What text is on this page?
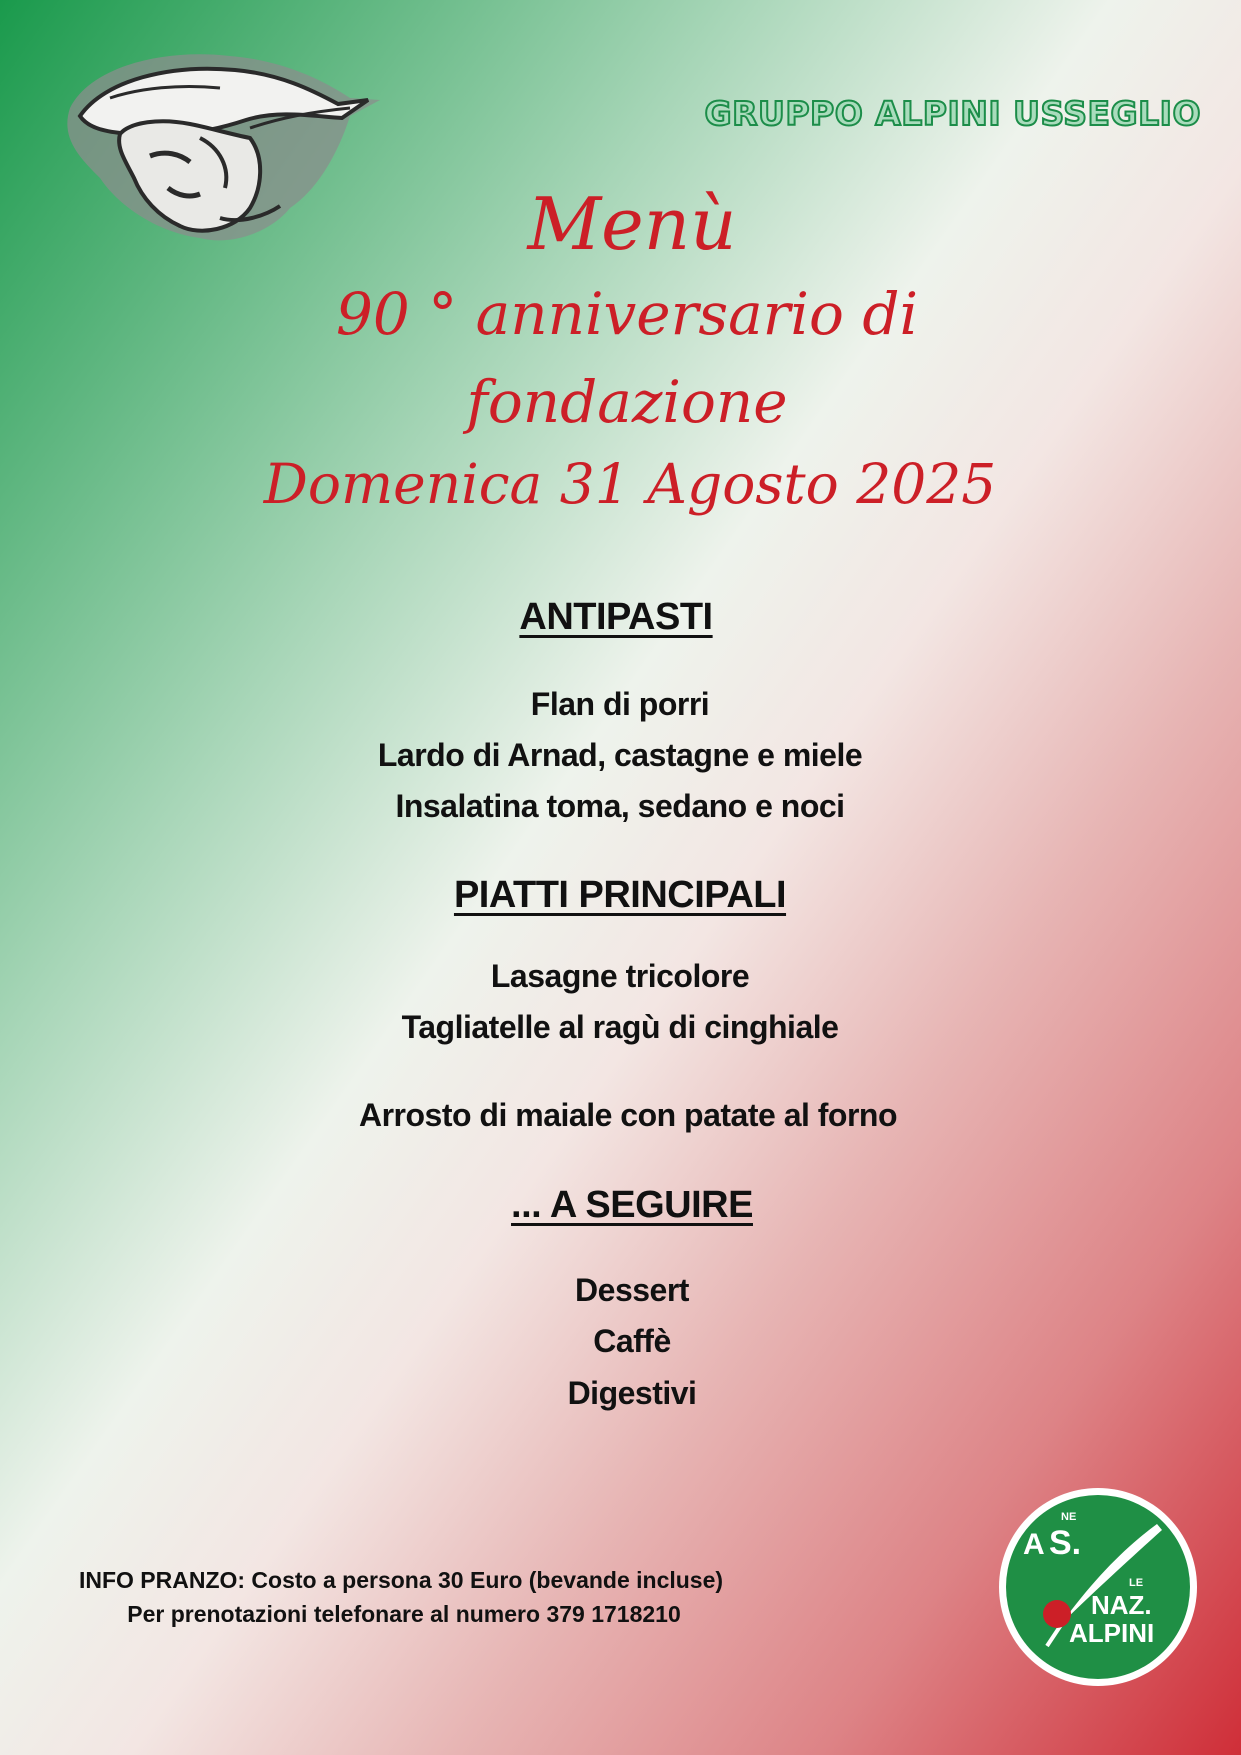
GRUPPO ALPINI USSEGLIO
Menù
90 ° anniversario di
fondazione
Domenica 31 Agosto 2025
ANTIPASTI
Flan di porri
Lardo di Arnad, castagne e miele
Insalatina toma, sedano e noci
PIATTI PRINCIPALI
Lasagne tricolore
Tagliatelle al ragù di cinghiale
Arrosto di maiale con patate al forno
... A SEGUIRE
Dessert
Caffè
Digestivi
INFO PRANZO: Costo a persona 30 Euro (bevande incluse)
Per prenotazioni telefonare al numero 379 1718210
A S.
NE
NAZ.
LE
ALPINI
